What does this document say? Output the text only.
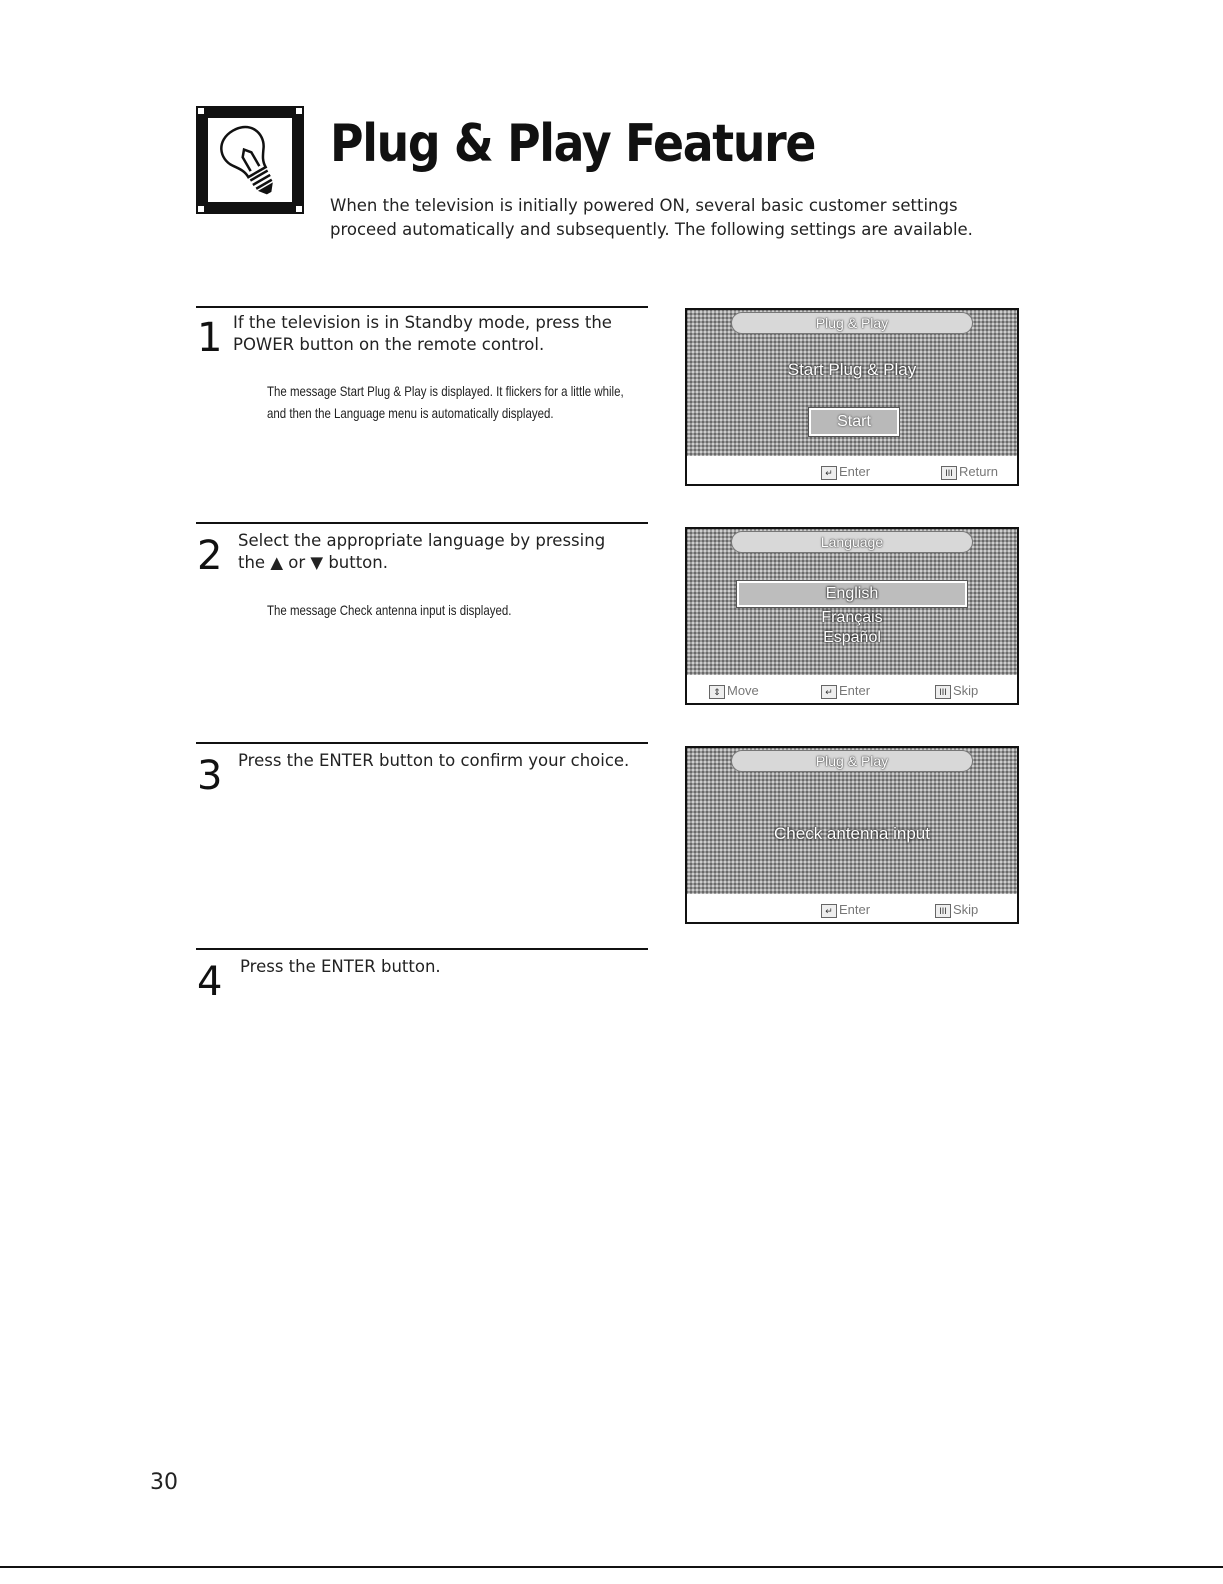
Plug & Play Feature

When the television is initially powered ON, several basic customer settings proceed automatically and subsequently. The following settings are available.

1 If the television is in Standby mode, press the POWER button on the remote control.

The message Start Plug & Play is displayed. It flickers for a little while, and then the Language menu is automatically displayed.

Plug & Play
Start Plug & Play
Start
↵ Enter	III Return
2 Select the appropriate language by pressing the ▲ or ▼ button.

The message Check antenna input is displayed.

Language
English
Français
Español
⇕ Move	↵ Enter	III Skip
3 Press the ENTER button to confirm your choice.	Plug & Play
Check antenna input
↵ Enter	III Skip
4 Press the ENTER button.

30
